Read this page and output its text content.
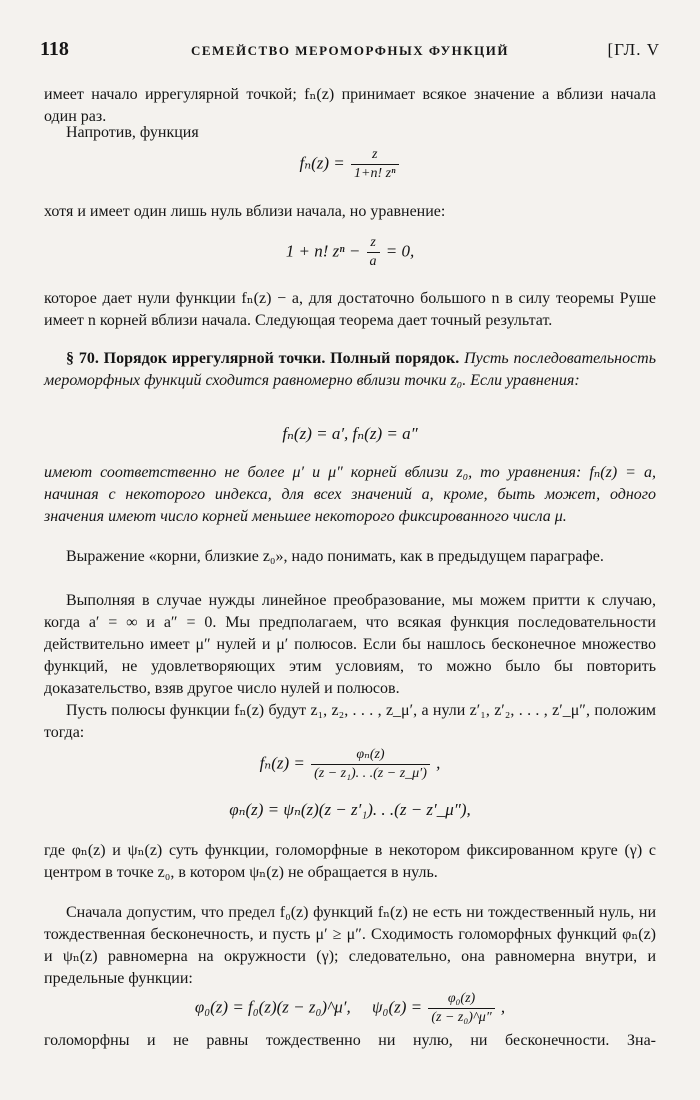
118	СЕМЕЙСТВО МЕРОМОРФНЫХ ФУНКЦИЙ	[ГЛ. V
имеет начало иррегулярной точкой; fₙ(z) принимает всякое значение a вблизи начала один раз.
Напротив, функция
$f_n(z) = \frac{z}{\text{1+n! zⁿ}}$
хотя и имеет один лишь нуль вблизи начала, но уравнение:
1 + n! $z^n - \frac{z}{a} = 0$,
которое дает нули функции fₙ(z) − a, для достаточно большого n в силу теоремы Руше имеет n корней вблизи начала. Следующая теорема дает точный результат.
§ 70. Порядок иррегулярной точки. Полный порядок. Пусть последовательность мероморфных функций сходится равномерно вблизи точки z₀. Если уравнения:
fₙ(z) = a′, fₙ(z) = a″
имеют соответственно не более μ′ и μ″ корней вблизи z₀, то уравнения: fₙ(z) = a, начиная с некоторого индекса, для всех значений a, кроме, быть может, одного значения имеют число корней меньшее некоторого фиксированного числа μ.
Выражение «корни, близкие z₀», надо понимать, как в предыдущем параграфе.
Выполняя в случае нужды линейное преобразование, мы можем притти к случаю, когда a′ = ∞ и a″ = 0. Мы предполагаем, что всякая функция последовательности действительно имеет μ″ нулей и μ′ полюсов. Если бы нашлось бесконечное множество функций, не удовлетворяющих этим условиям, то можно было бы повторить доказательство, взяв другое число нулей и полюсов.
Пусть полюсы функции fₙ(z) будут z₁, z₂, . . . , z_μ′, а нули z′₁, z′₂, . . . , z′_μ″, положим тогда:
$f_n(z) = \frac{\text{φₙ(z)}}{\text{(z − z₁). . .(z − z\_μ′)}}$ ,
φₙ(z) = ψₙ(z)(z − z′₁). . .(z − z′_μ″),
где φₙ(z) и ψₙ(z) суть функции, голоморфные в некотором фиксированном круге (γ) с центром в точке z₀, в котором ψₙ(z) не обращается в нуль.
Сначала допустим, что предел f₀(z) функций fₙ(z) не есть ни тождественный нуль, ни тождественная бесконечность, и пусть μ′ ≥ μ″. Сходимость голоморфных функций φₙ(z) и ψₙ(z) равномерна на окружности (γ); следовательно, она равномерна внутри, и предельные функции:
φ₀(z) = f₀(z)(z − z₀)^μ′, $\psi_0(z) = \frac{\text{φ₀(z)}}{\text{(z − z₀)\textasciicircum{}μ″}}$ ,
голоморфны и не равны тождественно ни нулю, ни бесконечности. Зна-
